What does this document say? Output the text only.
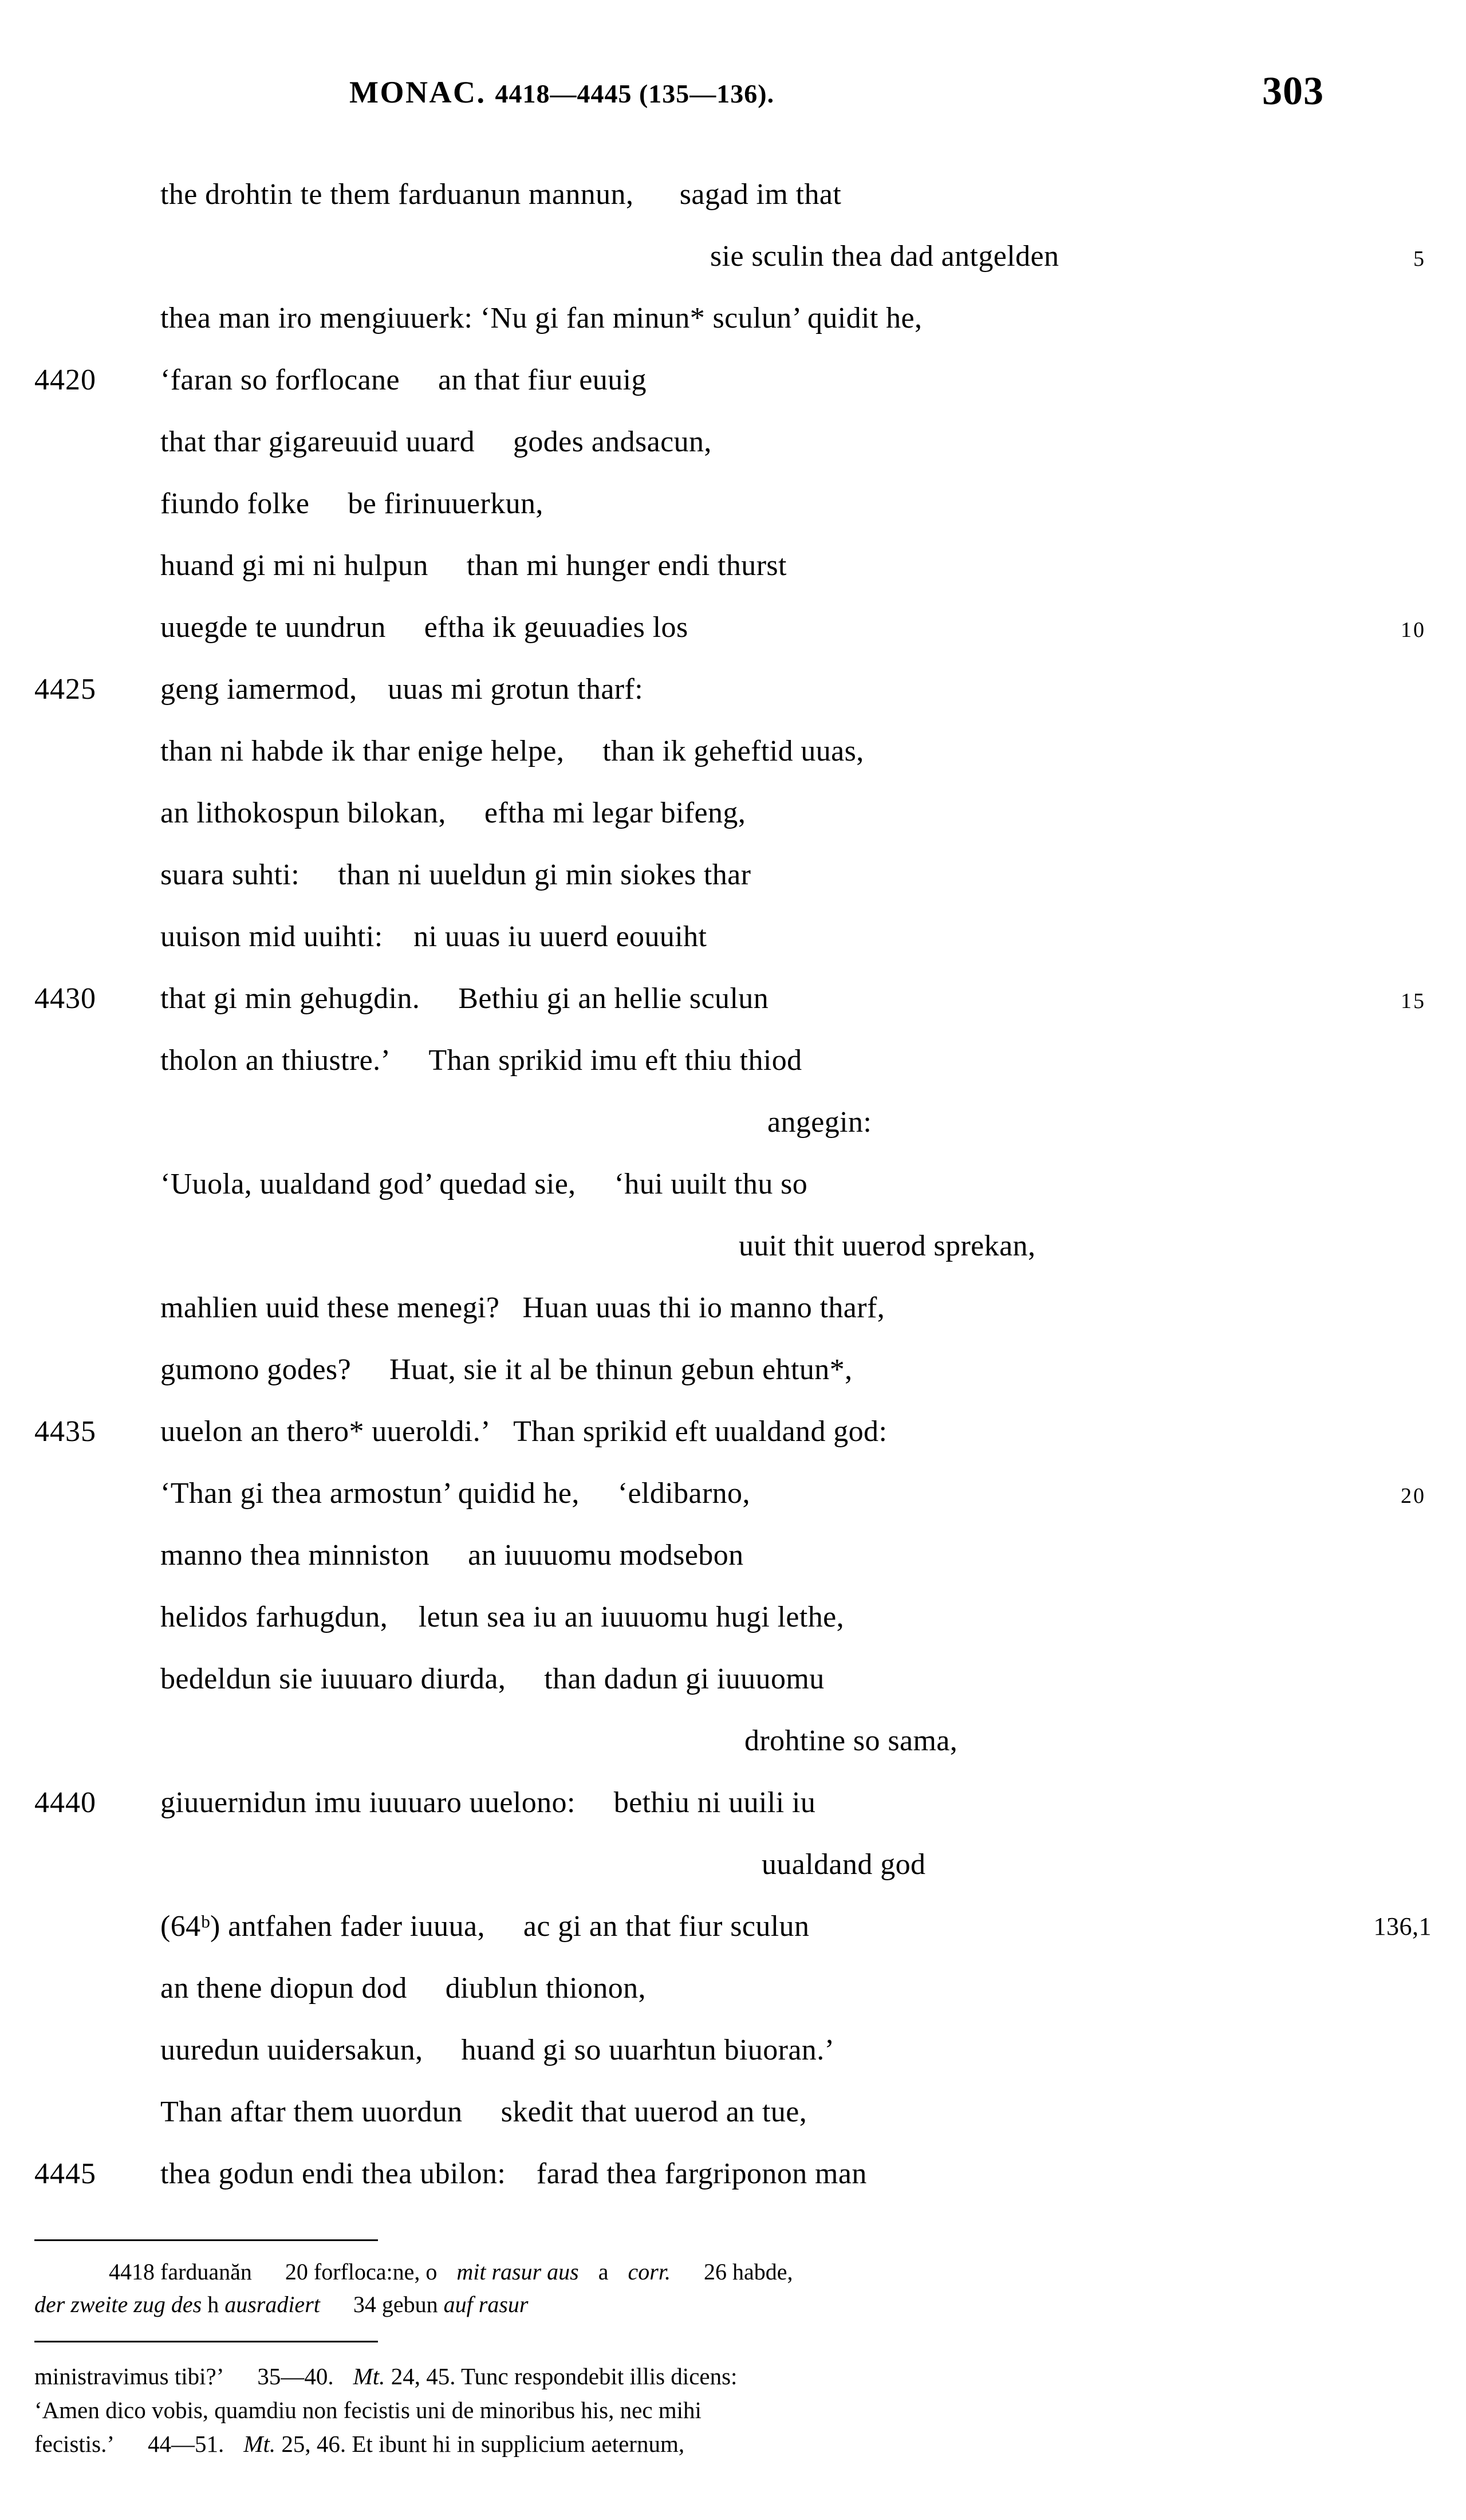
MONAC. 4418—4445 (135—136).	303
the drohtin te them farduanun mannun,      sagad im that
sie sculin thea dad antgelden	5
thea man iro mengiuuerk: ‘Nu gi fan minun* sculun’ quidit he,
4420	‘faran so forflocane     an that fiur euuig
that thar gigareuuid uuard     godes andsacun,
fiundo folke     be firinuuerkun,
huand gi mi ni hulpun     than mi hunger endi thurst
uuegde te uundrun     eftha ik geuuadies los	10
4425	geng iamermod,    uuas mi grotun tharf:
than ni habde ik thar enige helpe,     than ik geheftid uuas,
an lithokospun bilokan,     eftha mi legar bifeng,
suara suhti:     than ni uueldun gi min siokes thar
uuison mid uuihti:    ni uuas iu uuerd eouuiht
4430	that gi min gehugdin.     Bethiu gi an hellie sculun	15
tholon an thiustre.’     Than sprikid imu eft thiu thiod
angegin:
‘Uuola, uualdand god’ quedad sie,     ‘hui uuilt thu so
uuit thit uuerod sprekan,
mahlien uuid these menegi?   Huan uuas thi io manno tharf,
gumono godes?     Huat, sie it al be thinun gebun ehtun*,
4435	uuelon an thero* uueroldi.’   Than sprikid eft uualdand god:
‘Than gi thea armostun’ quidid he,     ‘eldibarno,	20
manno thea minniston     an iuuuomu modsebon
helidos farhugdun,    letun sea iu an iuuuomu hugi lethe,
bedeldun sie iuuuaro diurda,     than dadun gi iuuuomu
drohtine so sama,
4440	giuuernidun imu iuuuaro uuelono:     bethiu ni uuili iu
uualdand god
(64ᵇ) antfahen fader iuuua,     ac gi an that fiur sculun	136,1
an thene diopun dod     diublun thionon,
uuredun uuidersakun,     huand gi so uuarhtun biuoran.’
Than aftar them uuordun     skedit that uuerod an tue,
4445	thea godun endi thea ubilon:    farad thea fargriponon man
4418 farduanăn 20 forfloca:ne, o mit rasur aus a corr. 26 habde,
der zweite zug des h ausradiert 34 gebun auf rasur
ministravimus tibi?’ 35—40. Mt. 24, 45. Tunc respondebit illis dicens:
‘Amen dico vobis, quamdiu non fecistis uni de minoribus his, nec mihi
fecistis.’ 44—51. Mt. 25, 46. Et ibunt hi in supplicium aeternum,
